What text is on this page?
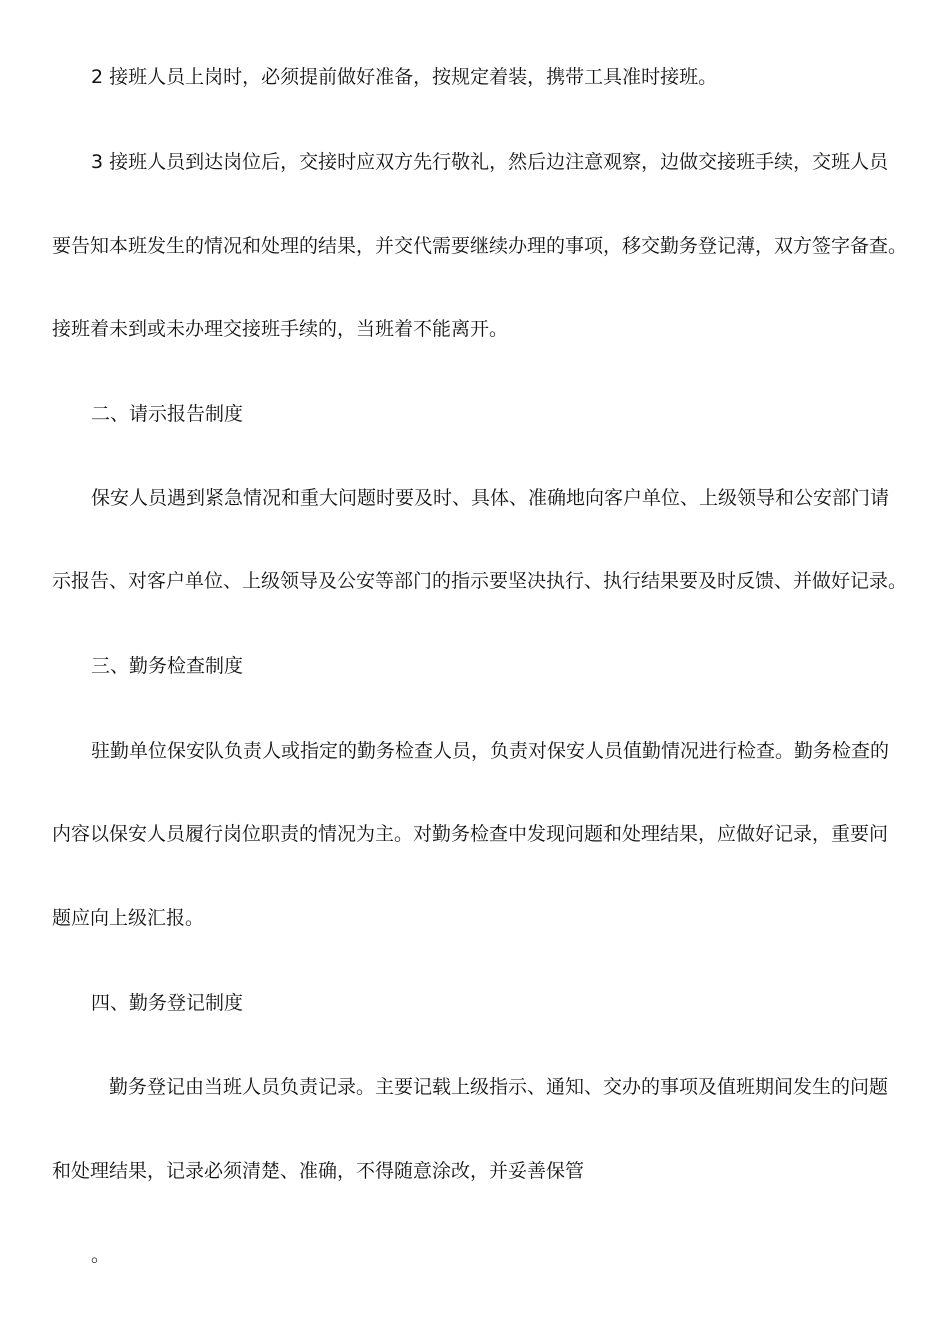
2 接班人员上岗时，必须提前做好准备，按规定着装，携带工具准时接班。
3 接班人员到达岗位后，交接时应双方先行敬礼，然后边注意观察，边做交接班手续，交班人员
要告知本班发生的情况和处理的结果，并交代需要继续办理的事项，移交勤务登记薄，双方签字备查。
接班着未到或未办理交接班手续的，当班着不能离开。
二、请示报告制度
保安人员遇到紧急情况和重大问题时要及时、具体、准确地向客户单位、上级领导和公安部门请
示报告、对客户单位、上级领导及公安等部门的指示要坚决执行、执行结果要及时反馈、并做好记录。
三、勤务检查制度
驻勤单位保安队负责人或指定的勤务检查人员，负责对保安人员值勤情况进行检查。勤务检查的
内容以保安人员履行岗位职责的情况为主。对勤务检查中发现问题和处理结果，应做好记录，重要问
题应向上级汇报。
四、勤务登记制度
勤务登记由当班人员负责记录。主要记载上级指示、通知、交办的事项及值班期间发生的问题
和处理结果，记录必须清楚、准确，不得随意涂改，并妥善保管
。
